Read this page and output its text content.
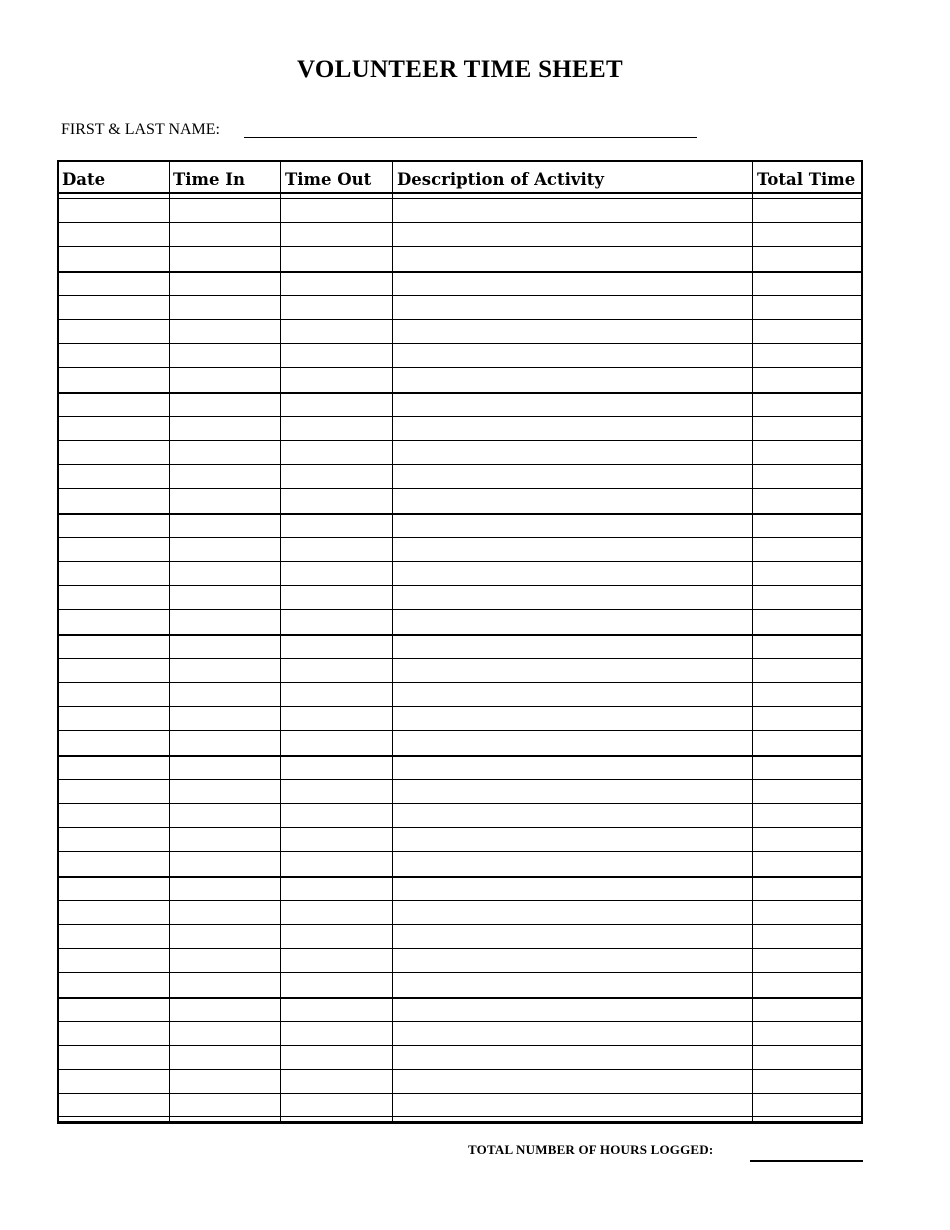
VOLUNTEER TIME SHEET
FIRST & LAST NAME:
Date	Time In	Time Out	Description of Activity	Total Time
TOTAL NUMBER OF HOURS LOGGED:
